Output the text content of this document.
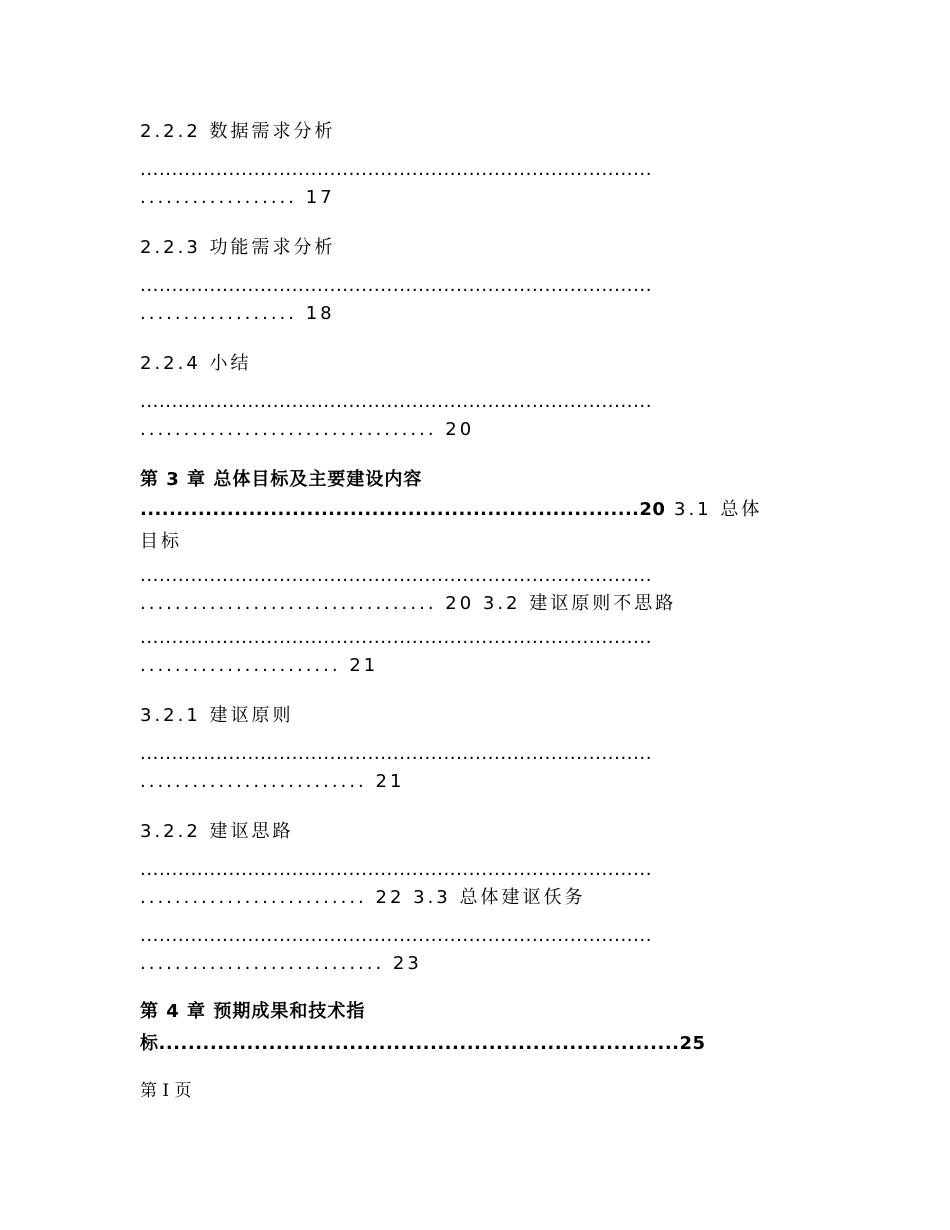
2.2.2 数据需求分析
.................................................................................
.................. 17
2.2.3 功能需求分析
.................................................................................
.................. 18
2.2.4 小结
.................................................................................
.................................. 20
第 3 章 总体目标及主要建设内容
.....................................................................20 3.1 总体
目标
.................................................................................
.................................. 20 3.2 建讴原则不思路
.................................................................................
....................... 21
3.2.1 建讴原则
.................................................................................
.......................... 21
3.2.2 建讴思路
.................................................................................
.......................... 22 3.3 总体建讴仸务
.................................................................................
............................ 23
第 4 章 预期成果和技术指
标.......................................................................25
第 I 页
